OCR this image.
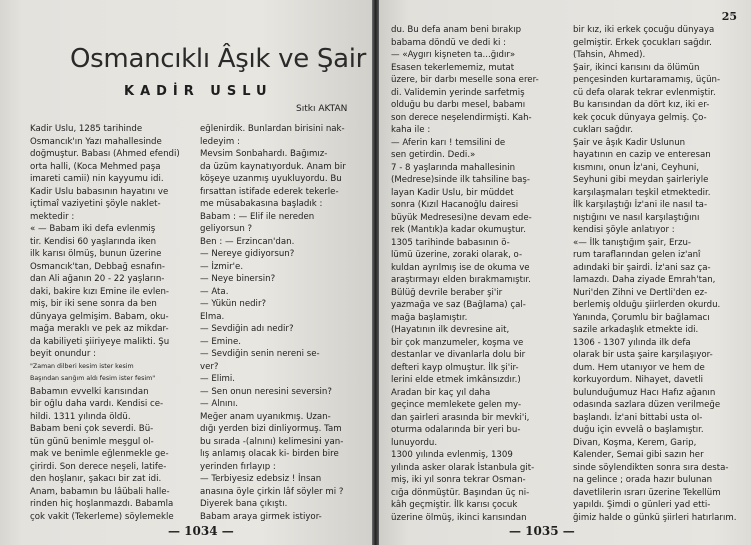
Osmancıklı Âşık ve Şair
KADİR USLU
Sıtkı AKTAN
Kadir Uslu, 1285 tarihinde
Osmancık'ın Yazı mahallesinde
doğmuştur. Babası (Ahmed efendi)
orta halli, (Koca Mehmed paşa
imareti camii) nin kayyumu idi.
Kadir Uslu babasının hayatını ve
içtimaî vaziyetini şöyle naklet-
mektedir :
« — Babam iki defa evlenmiş
tir. Kendisi 60 yaşlarında iken
ilk karısı ölmüş, bunun üzerine
Osmancık'tan, Debbağ esnafın-
dan Ali ağanın 20 - 22 yaşların-
daki, bakire kızı Emine ile evlen-
miş, bir iki sene sonra da ben
dünyaya gelmişim. Babam, oku-
mağa meraklı ve pek az mikdar-
da kabiliyeti şiiriyeye malikti. Şu
beyit onundur :
"Zaman dilberi kesim ister kesim
Başından sarığım aldı fesim ister fesim"
Babamın evvelki karısından
bir oğlu daha vardı. Kendisi ce-
hildi. 1311 yılında öldü.
Babam beni çok severdi. Bü-
tün günü benimle meşgul ol-
mak ve benimle eğlenmekle ge-
çirirdi. Son derece neşeli, latife-
den hoşlanır, şakacı bir zat idi.
Anam, babamın bu lâübali halle-
rinden hiç hoşlanmazdı. Babamla
çok vakit (Tekerleme) söylemekle
eğlenirdik. Bunlardan birisini nak-
ledeyim :
Mevsim Sonbahardı. Bağımız-
da üzüm kaynatıyorduk. Anam bir
köşeye uzanmış uyukluyordu. Bu
fırsattan istifade ederek tekerle-
me müsabakasına başladık :
Babam : — Elif ile nereden
geliyorsun ?
Ben : — Erzincan'dan.
— Nereye gidiyorsun?
— İzmir'e.
— Neye binersin?
— Ata.
— Yükün nedir?
Elma.
— Sevdiğin adı nedir?
— Emine.
— Sevdiğin senin nereni se-
ver?
— Elimi.
— Sen onun neresini seversin?
— Alnını.
Meğer anam uyanıkmış. Uzan-
dığı yerden bizi dinliyormuş. Tam
bu sırada -(alnını) kelimesini yan-
lış anlamış olacak ki- birden bire
yerinden fırlayıp :
— Terbiyesiz edebsiz ! İnsan
anasına öyle çirkin lâf söyler mi ?
Diyerek bana çıkıştı.
Babam araya girmek istiyor-
— 1034 —
25
du. Bu defa anam beni bırakıp
babama döndü ve dedi ki :
— «Aygırı kişneten ta...ğıdır»
Esasen tekerlememiz, mutat
üzere, bir darbı meselle sona erer-
di. Validemin yerinde sarfetmiş
olduğu bu darbı mesel, babamı
son derece neşelendirmişti. Kah-
kaha ile :
— Aferin karı ! temsilini de
sen getirdin. Dedi.»
7 - 8 yaşlarında mahallesinin
(Medrese)sinde ilk tahsiline baş-
layan Kadir Uslu, bir müddet
sonra (Kızıl Hacanoğlu dairesi
büyük Medresesi)ne devam ede-
rek (Mantık)a kadar okumuştur.
1305 tarihinde babasının ö-
lümü üzerine, zoraki olarak, o-
kuldan ayrılmış ise de okuma ve
araştırmayı elden bırakmamıştır.
Bülüğ devrile beraber şi'ir
yazmağa ve saz (Bağlama) çal-
mağa başlamıştır.
(Hayatının ilk devresine ait,
bir çok manzumeler, koşma ve
destanlar ve divanlarla dolu bir
defteri kayp olmuştur. İlk şi'ir-
lerini elde etmek imkânsızdır.)
Aradan bir kaç yıl daha
geçince memlekete gelen my-
dan şairleri arasında bir mevki'i,
oturma odalarında bir yeri bu-
lunuyordu.
1300 yılında evlenmiş, 1309
yılında asker olarak İstanbula git-
miş, iki yıl sonra tekrar Osman-
cığa dönmüştür. Başından üç ni-
kâh geçmiştir. İlk karısı çocuk
üzerine ölmüş, ikinci karısından
bir kız, iki erkek çocuğu dünyaya
gelmiştir. Erkek çocukları sağdır.
(Tahsin, Ahmed).
Şair, ikinci karısını da ölümün
pençesinden kurtaramamış, üçün-
cü defa olarak tekrar evlenmiştir.
Bu karısından da dört kız, iki er-
kek çocuk dünyaya gelmiş. Ço-
cukları sağdır.
Şair ve âşık Kadir Uslunun
hayatının en cazip ve enteresan
kısmını, onun İz'ani, Ceyhuni,
Seyhuni gibi meydan şairleriyle
karşılaşmaları teşkil etmektedir.
İlk karşılaştığı İz'ani ile nasıl ta-
nıştığını ve nasıl karşılaştığını
kendisi şöyle anlatıyor :
«— İlk tanıştığım şair, Erzu-
rum taraflarından gelen iz'anî
adındaki bir şairdi. İz'ani saz ça-
lamazdı. Daha ziyade Emrah'tan,
Nuri'den Zihni ve Dertli'den ez-
berlemiş olduğu şiirlerden okurdu.
Yanında, Çorumlu bir bağlamacı
sazile arkadaşlık etmekte idi.
1306 - 1307 yılında ilk defa
olarak bir usta şaire karşılaşıyor-
dum. Hem utanıyor ve hem de
korkuyordum. Nihayet, davetli
bulunduğumuz Hacı Hafız ağanın
odasında sazlara düzen verilmeğe
başlandı. İz'ani bittabi usta ol-
duğu için evvelâ o başlamıştır.
Divan, Koşma, Kerem, Garip,
Kalender, Semai gibi sazın her
sinde söylendikten sonra sıra desta-
na gelince ; orada hazır bulunan
davetlilerin ısrarı üzerine Tekellüm
yapıldı. Şimdi o günleri yad etti-
ğimiz halde o günkü şiirleri hatırlarım.
— 1035 —
